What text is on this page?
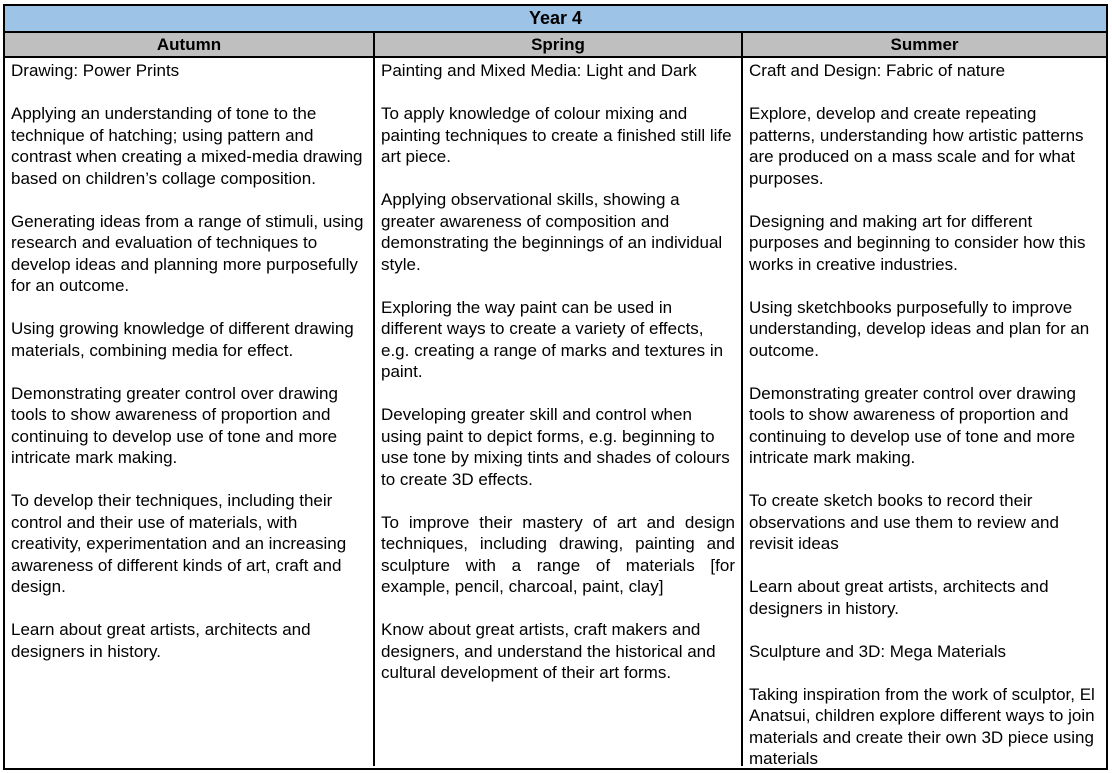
Year 4
Autumn	Spring	Summer

Drawing: Power Prints

Applying an understanding of tone to the technique of hatching; using pattern and contrast when creating a mixed-media drawing based on children’s collage composition.

Generating ideas from a range of stimuli, using research and evaluation of techniques to develop ideas and planning more purposefully for an outcome.

Using growing knowledge of different drawing materials, combining media for effect.

Demonstrating greater control over drawing tools to show awareness of proportion and continuing to develop use of tone and more intricate mark making.

To develop their techniques, including their control and their use of materials, with creativity, experimentation and an increasing awareness of different kinds of art, craft and design.

Learn about great artists, architects and designers in history.

Painting and Mixed Media: Light and Dark

To apply knowledge of colour mixing and painting techniques to create a finished still life art piece.

Applying observational skills, showing a greater awareness of composition and demonstrating the beginnings of an individual style.

Exploring the way paint can be used in different ways to create a variety of effects, e.g. creating a range of marks and textures in paint.

Developing greater skill and control when using paint to depict forms, e.g. beginning to use tone by mixing tints and shades of colours to create 3D effects.

To improve their mastery of art and design techniques, including drawing, painting and sculpture with a range of materials [for example, pencil, charcoal, paint, clay]

Know about great artists, craft makers and designers, and understand the historical and cultural development of their art forms.

Craft and Design: Fabric of nature

Explore, develop and create repeating patterns, understanding how artistic patterns are produced on a mass scale and for what purposes.

Designing and making art for different purposes and beginning to consider how this works in creative industries.

Using sketchbooks purposefully to improve understanding, develop ideas and plan for an outcome.

Demonstrating greater control over drawing tools to show awareness of proportion and continuing to develop use of tone and more intricate mark making.

To create sketch books to record their observations and use them to review and revisit ideas

Learn about great artists, architects and designers in history.

Sculpture and 3D: Mega Materials

Taking inspiration from the work of sculptor, El Anatsui, children explore different ways to join materials and create their own 3D piece using materials
